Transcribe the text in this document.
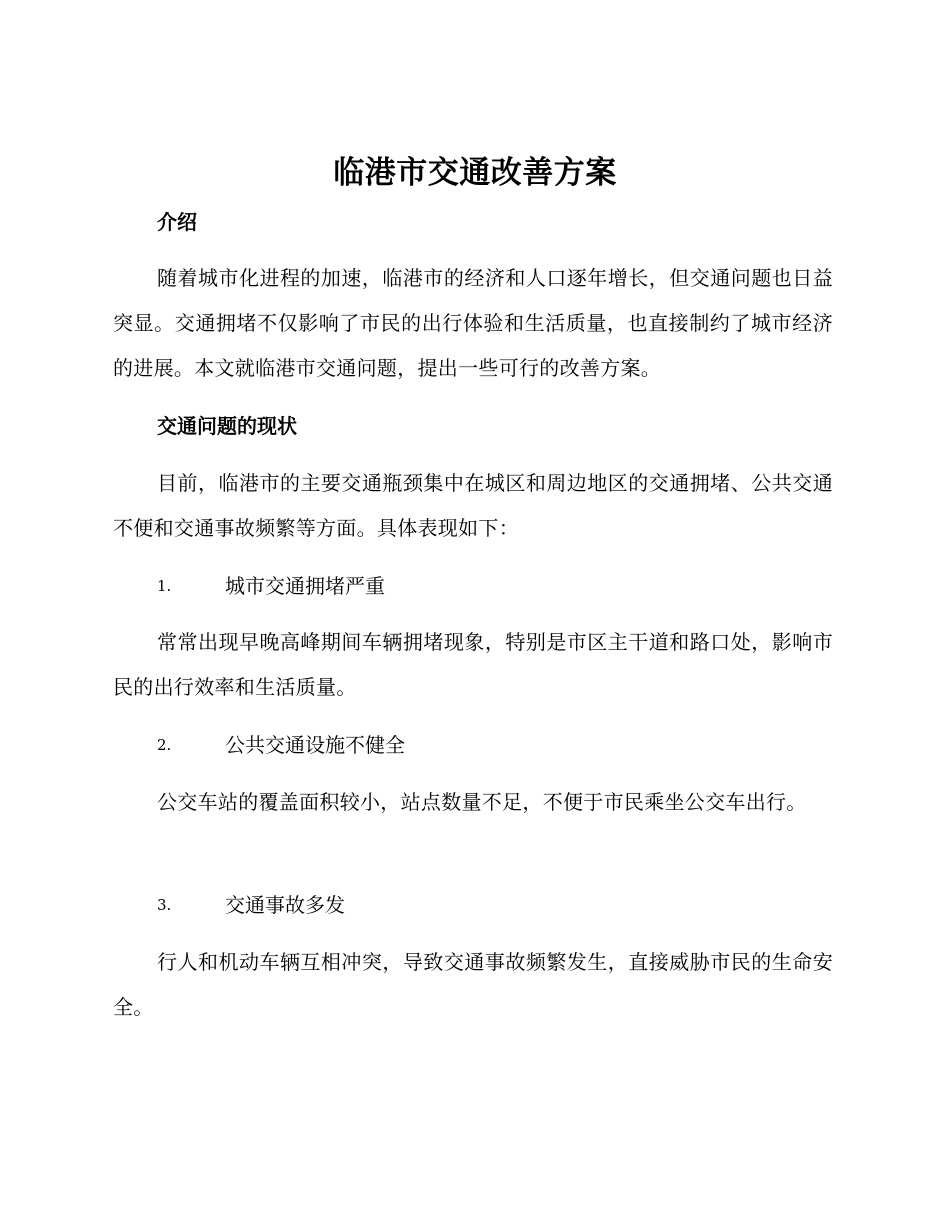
临港市交通改善方案
介绍
随着城市化进程的加速，临港市的经济和人口逐年增长，但交通问题也日益突显。交通拥堵不仅影响了市民的出行体验和生活质量，也直接制约了城市经济的进展。本文就临港市交通问题，提出一些可行的改善方案。
交通问题的现状
目前，临港市的主要交通瓶颈集中在城区和周边地区的交通拥堵、公共交通不便和交通事故频繁等方面。具体表现如下：
1.	城市交通拥堵严重
常常出现早晚高峰期间车辆拥堵现象，特别是市区主干道和路口处，影响市民的出行效率和生活质量。
2.	公共交通设施不健全
公交车站的覆盖面积较小，站点数量不足，不便于市民乘坐公交车出行。
3.	交通事故多发
行人和机动车辆互相冲突，导致交通事故频繁发生，直接威胁市民的生命安全。
